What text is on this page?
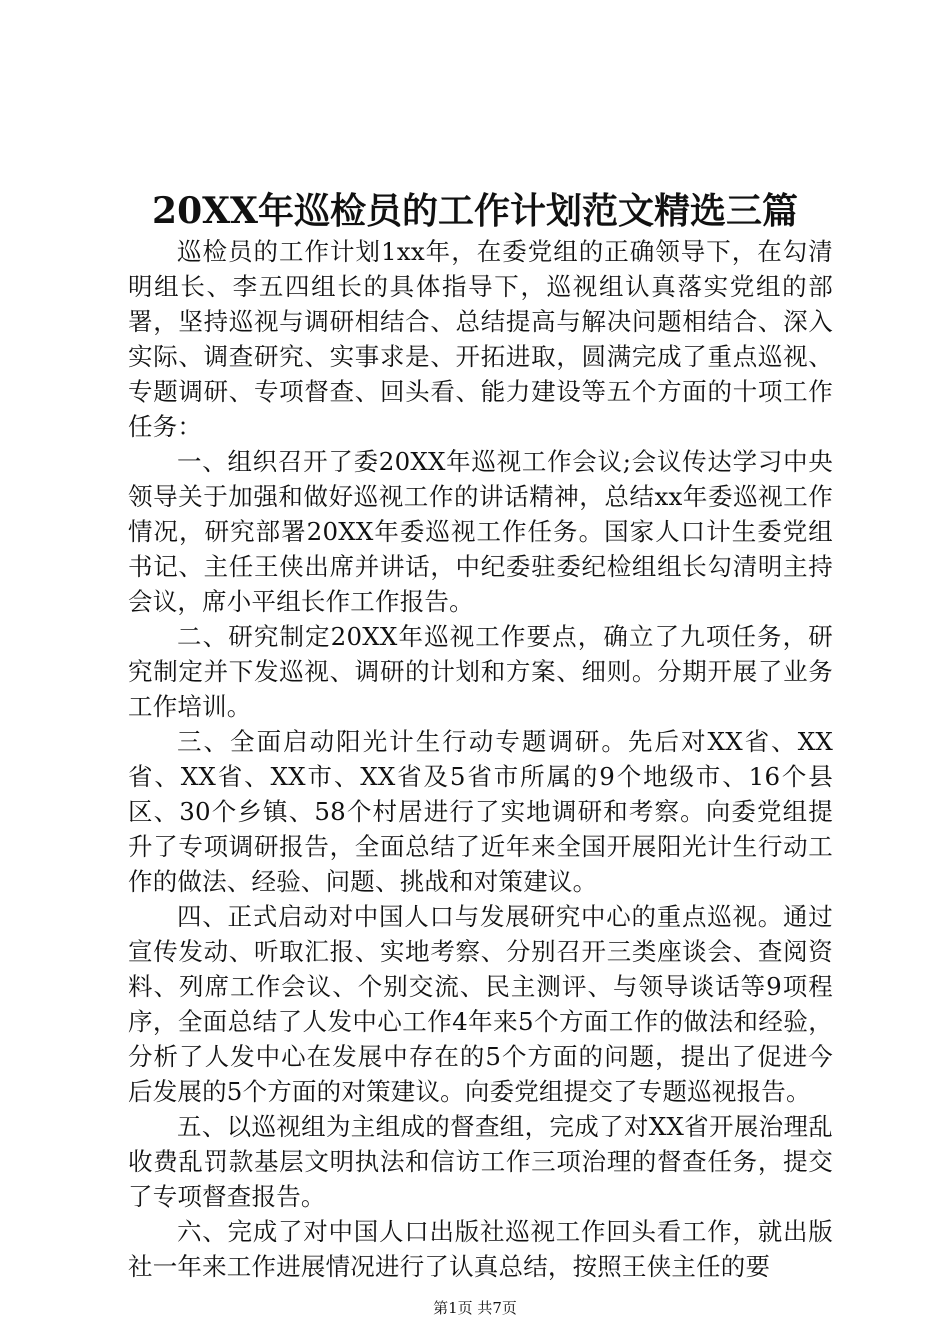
20XX年巡检员的工作计划范文精选三篇

巡检员的工作计划1xx年，在委党组的正确领导下，在勾清明组长、李五四组长的具体指导下，巡视组认真落实党组的部署，坚持巡视与调研相结合、总结提高与解决问题相结合、深入实际、调查研究、实事求是、开拓进取，圆满完成了重点巡视、专题调研、专项督查、回头看、能力建设等五个方面的十项工作任务：

一、组织召开了委20XX年巡视工作会议;会议传达学习中央领导关于加强和做好巡视工作的讲话精神，总结xx年委巡视工作情况，研究部署20XX年委巡视工作任务。国家人口计生委党组书记、主任王侠出席并讲话，中纪委驻委纪检组组长勾清明主持会议，席小平组长作工作报告。

二、研究制定20XX年巡视工作要点，确立了九项任务，研究制定并下发巡视、调研的计划和方案、细则。分期开展了业务工作培训。

三、全面启动阳光计生行动专题调研。先后对XX省、XX省、XX省、XX市、XX省及5省市所属的9个地级市、16个县区、30个乡镇、58个村居进行了实地调研和考察。向委党组提升了专项调研报告，全面总结了近年来全国开展阳光计生行动工作的做法、经验、问题、挑战和对策建议。

四、正式启动对中国人口与发展研究中心的重点巡视。通过宣传发动、听取汇报、实地考察、分别召开三类座谈会、查阅资料、列席工作会议、个别交流、民主测评、与领导谈话等9项程序，全面总结了人发中心工作4年来5个方面工作的做法和经验，分析了人发中心在发展中存在的5个方面的问题，提出了促进今后发展的5个方面的对策建议。向委党组提交了专题巡视报告。

五、以巡视组为主组成的督查组，完成了对XX省开展治理乱收费乱罚款基层文明执法和信访工作三项治理的督查任务，提交了专项督查报告。

六、完成了对中国人口出版社巡视工作回头看工作，就出版社一年来工作进展情况进行了认真总结，按照王侠主任的要

第1页 共7页
